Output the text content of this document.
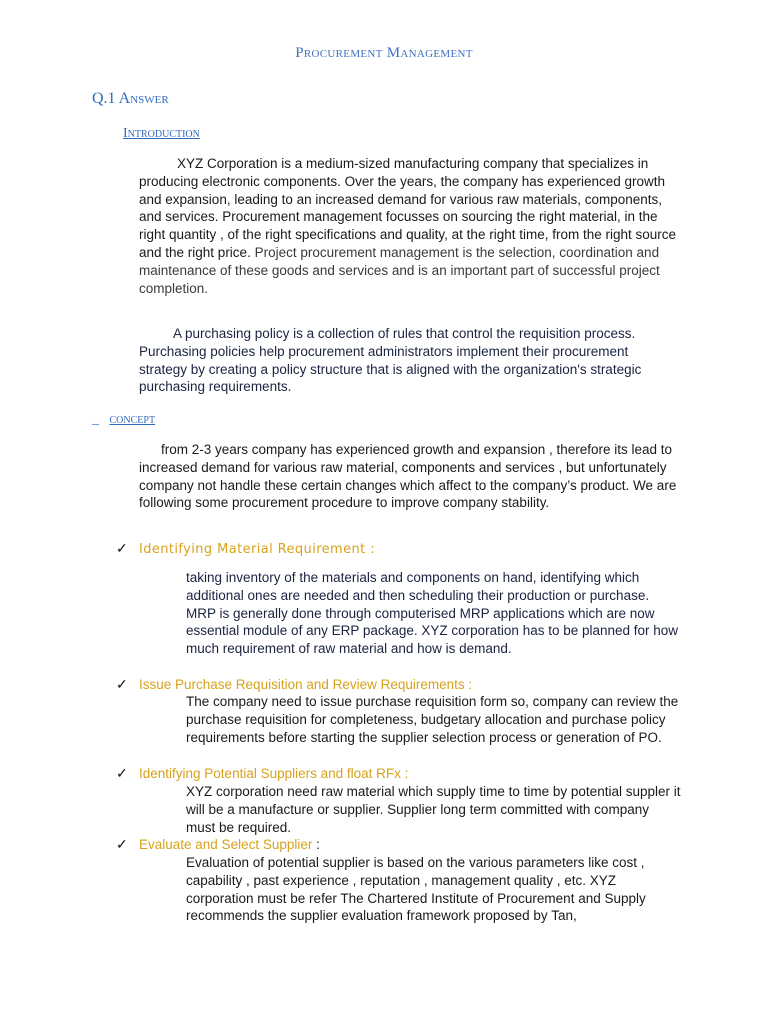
Procurement Management
Q.1 Answer
Introduction

XYZ Corporation is a medium-sized manufacturing company that specializes in producing electronic components. Over the years, the company has experienced growth and expansion, leading to an increased demand for various raw materials, components, and services. Procurement management focusses on sourcing the right material, in the right quantity , of the right specifications and quality, at the right time, from the right source and the right price. Project procurement management is the selection, coordination and maintenance of these goods and services and is an important part of successful project completion.

A purchasing policy is a collection of rules that control the requisition process. Purchasing policies help procurement administrators implement their procurement strategy by creating a policy structure that is aligned with the organization's strategic purchasing requirements.

_   concept

from 2-3 years company has experienced growth and expansion , therefore its lead to increased demand for various raw material, components and services , but unfortunately company not handle these certain changes which affect to the company’s product. We are following some procurement procedure to improve company stability.

✓ Identifying Material Requirement :

taking inventory of the materials and components on hand, identifying which additional ones are needed and then scheduling their production or purchase. MRP is generally done through computerised MRP applications which are now essential module of any ERP package. XYZ corporation has to be planned for how much requirement of raw material and how is demand.

✓ Issue Purchase Requisition and Review Requirements :

The company need to issue purchase requisition form so, company can review the purchase requisition for completeness, budgetary allocation and purchase policy requirements before starting the supplier selection process or generation of PO.

✓ Identifying Potential Suppliers and float RFx :

XYZ corporation need raw material which supply time to time by potential suppler it will be a manufacture or supplier. Supplier long term committed with company must be required.

✓ Evaluate and Select Supplier :

Evaluation of potential supplier is based on the various parameters like cost , capability , past experience , reputation , management quality , etc. XYZ corporation must be refer The Chartered Institute of Procurement and Supply recommends the supplier evaluation framework proposed by Tan,
